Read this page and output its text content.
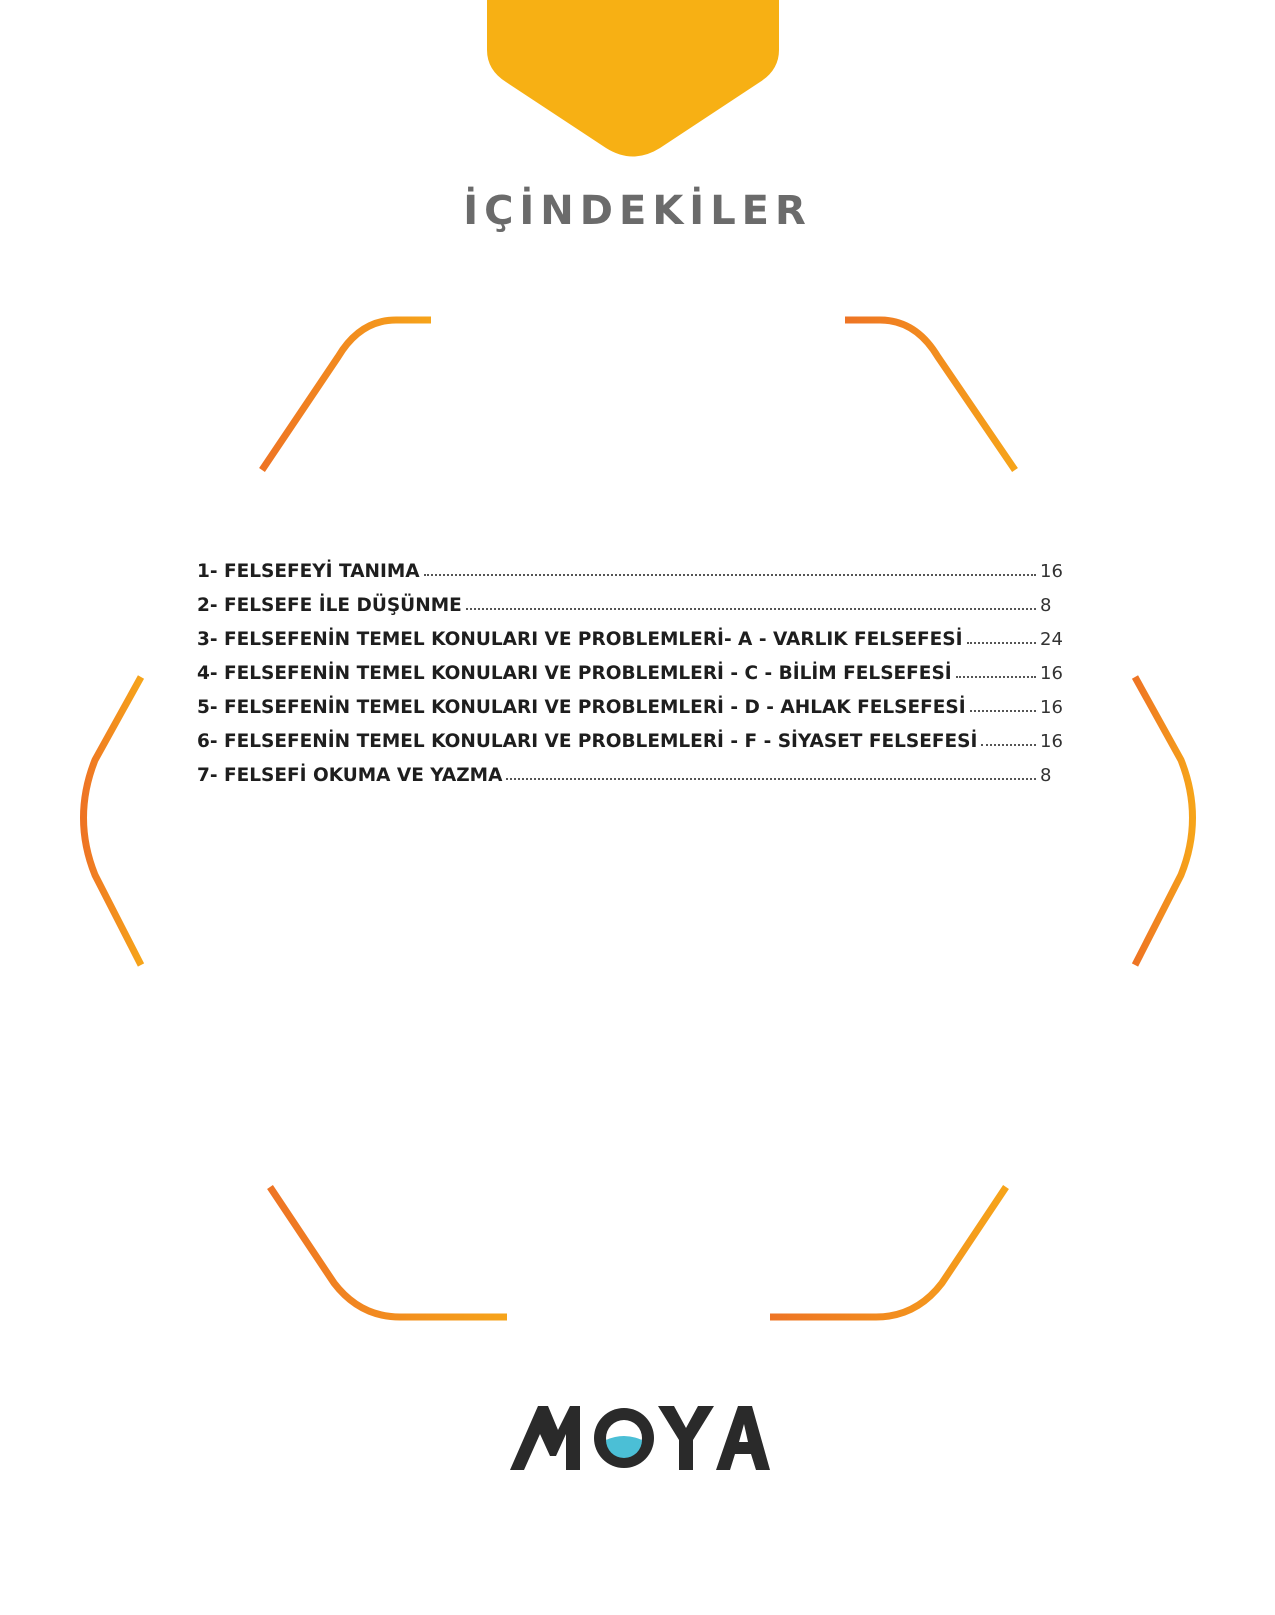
İÇİNDEKİLER
1- FELSEFEYİ TANIMA	16
2- FELSEFE İLE DÜŞÜNME	8
3- FELSEFENİN TEMEL KONULARI VE PROBLEMLERİ- A - VARLIK FELSEFESİ	24
4- FELSEFENİN TEMEL KONULARI VE PROBLEMLERİ - C - BİLİM FELSEFESİ	16
5- FELSEFENİN TEMEL KONULARI VE PROBLEMLERİ - D - AHLAK FELSEFESİ	16
6- FELSEFENİN TEMEL KONULARI VE PROBLEMLERİ - F - SİYASET FELSEFESİ	16
7- FELSEFİ OKUMA VE YAZMA	8
